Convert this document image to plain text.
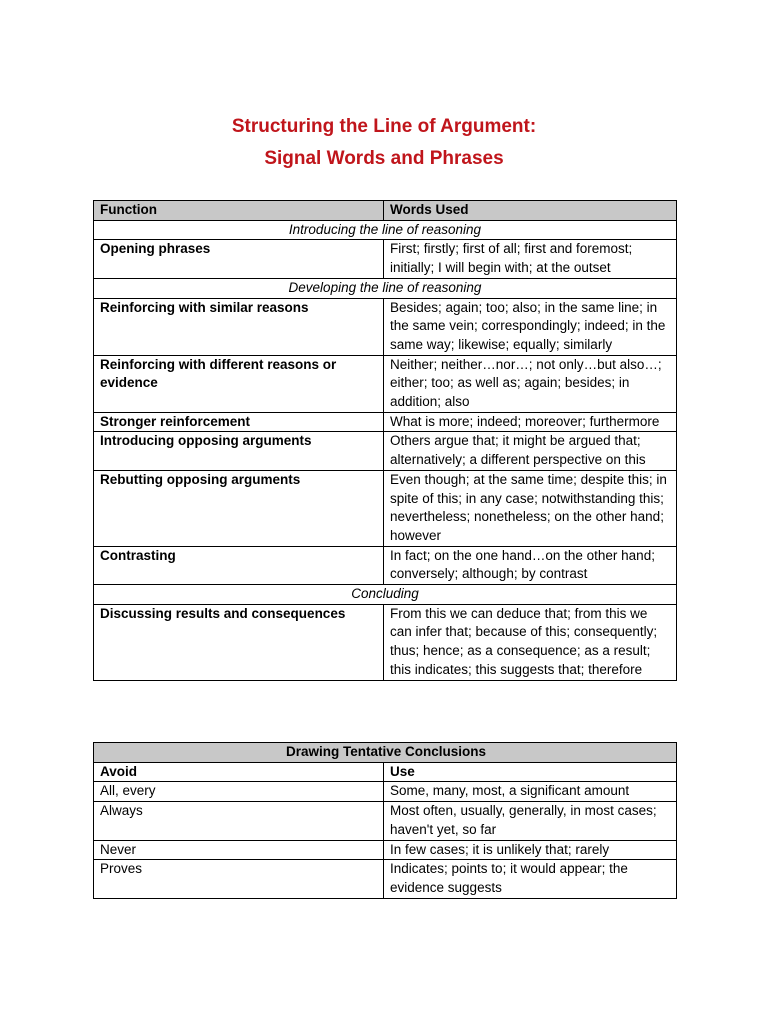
Structuring the Line of Argument:
Signal Words and Phrases
Function	Words Used
Introducing the line of reasoning	
Opening phrases	First; firstly; first of all; first and foremost; initially; I will begin with; at the outset
Developing the line of reasoning	
Reinforcing with similar reasons	Besides; again; too; also; in the same line; in the same vein; correspondingly; indeed; in the same way; likewise; equally; similarly
Reinforcing with different reasons or evidence	Neither; neither…nor…; not only…but also…; either; too; as well as; again; besides; in addition; also
Stronger reinforcement	What is more; indeed; moreover; furthermore
Introducing opposing arguments	Others argue that; it might be argued that; alternatively; a different perspective on this
Rebutting opposing arguments	Even though; at the same time; despite this; in spite of this; in any case; notwithstanding this; nevertheless; nonetheless; on the other hand; however
Contrasting	In fact; on the one hand…on the other hand; conversely; although; by contrast
Concluding	
Discussing results and consequences	From this we can deduce that; from this we can infer that; because of this; consequently; thus; hence; as a consequence; as a result; this indicates; this suggests that; therefore
Drawing Tentative Conclusions	
Avoid	Use
All, every	Some, many, most, a significant amount
Always	Most often, usually, generally, in most cases; haven't yet, so far
Never	In few cases; it is unlikely that; rarely
Proves	Indicates; points to; it would appear; the evidence suggests
